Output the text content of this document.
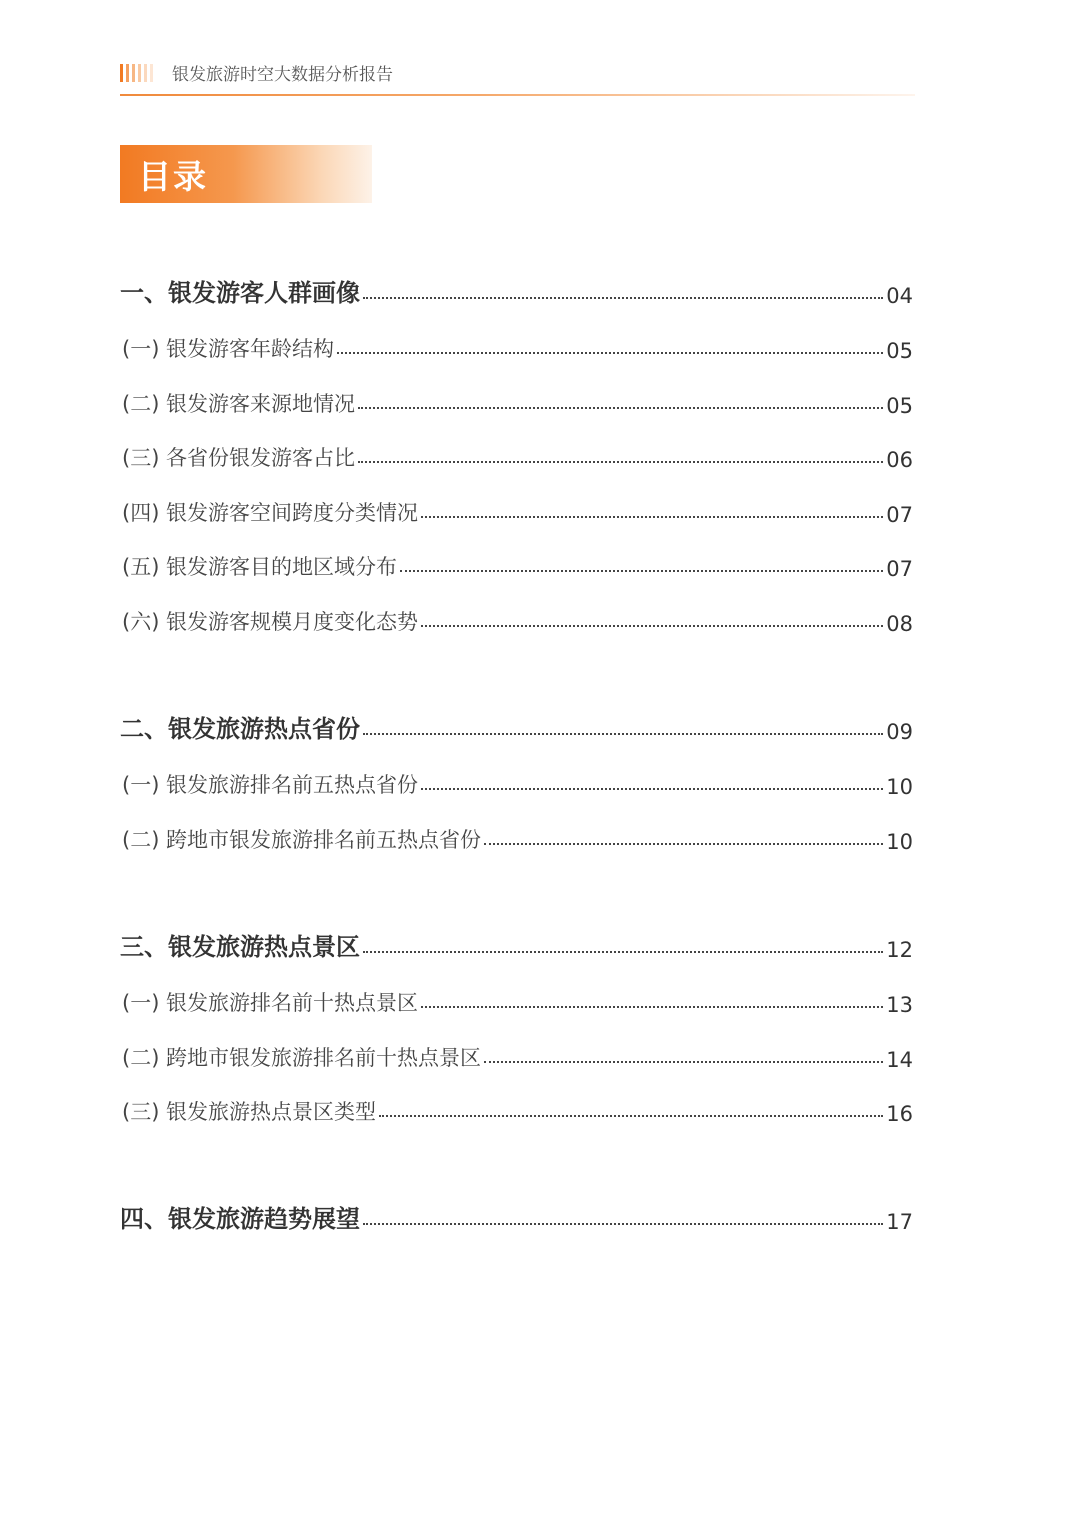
银发旅游时空大数据分析报告
目录
一、银发游客人群画像	04
(一) 银发游客年龄结构	05
(二) 银发游客来源地情况	05
(三) 各省份银发游客占比	06
(四) 银发游客空间跨度分类情况	07
(五) 银发游客目的地区域分布	07
(六) 银发游客规模月度变化态势	08
二、银发旅游热点省份	09
(一) 银发旅游排名前五热点省份	10
(二) 跨地市银发旅游排名前五热点省份	10
三、银发旅游热点景区	12
(一) 银发旅游排名前十热点景区	13
(二) 跨地市银发旅游排名前十热点景区	14
(三) 银发旅游热点景区类型	16
四、银发旅游趋势展望	17
